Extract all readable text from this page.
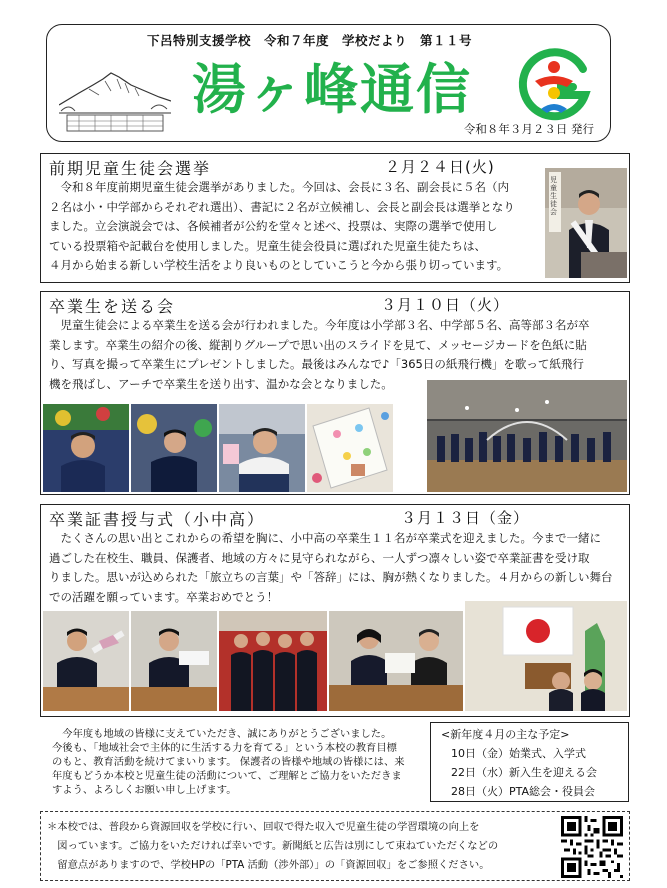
下呂特別支援学校　令和７年度　学校だより　第１１号
湯ヶ峰通信
令和８年３月２３日 発行
前期児童生徒会選挙	２月２４日(火)

　令和８年度前期児童生徒会選挙がありました。今回は、会長に３名、副会長に５名（内

２名は小・中学部からそれぞれ選出）、書記に２名が立候補し、会長と副会長は選挙となり

ました。立会演説会では、各候補者が公約を堂々と述べ、投票は、実際の選挙で使用し

ている投票箱や記載台を使用しました。児童生徒会役員に選ばれた児童生徒たちは、

４月から始まる新しい学校生活をより良いものとしていこうと今から張り切っています。

児童生徒会
卒業生を送る会	３月１０日（火）

　児童生徒会による卒業生を送る会が行われました。今年度は小学部３名、中学部５名、高等部３名が卒

業します。卒業生の紹介の後、縦割りグループで思い出のスライドを見て、メッセージカードを色紙に貼

り、写真を撮って卒業生にプレゼントしました。最後はみんなで♪「365日の紙飛行機」を歌って紙飛行

機を飛ばし、アーチで卒業生を送り出す、温かな会となりました。

卒業証書授与式（小中高）	３月１３日（金）

　たくさんの思い出とこれからの希望を胸に、小中高の卒業生１１名が卒業式を迎えました。今まで一緒に

過ごした在校生、職員、保護者、地域の方々に見守られながら、一人ずつ凛々しい姿で卒業証書を受け取

りました。思いが込められた「旅立ちの言葉」や「答辞」には、胸が熱くなりました。４月からの新しい舞台

での活躍を願っています。卒業おめでとう！

　今年度も地域の皆様に支えていただき、誠にありがとうございました。

今後も、「地域社会で主体的に生活する力を育てる」という本校の教育目標

のもと、教育活動を続けてまいります。 保護者の皆様や地域の皆様には、来

年度もどうか本校と児童生徒の活動について、ご理解とご協力をいただきま

すよう、よろしくお願い申し上げます。

<新年度４月の主な予定>
10日（金）始業式、入学式
22日（水）新入生を迎える会
28日（火）PTA総会・役員会

＊本校では、普段から資源回収を学校に行い、回収で得た収入で児童生徒の学習環境の向上を

　図っています。ご協力をいただければ幸いです。新聞紙と広告は別にして束ねていただくなどの

　留意点がありますので、学校HPの「PTA 活動（渉外部）」の「資源回収」をご参照ください。
